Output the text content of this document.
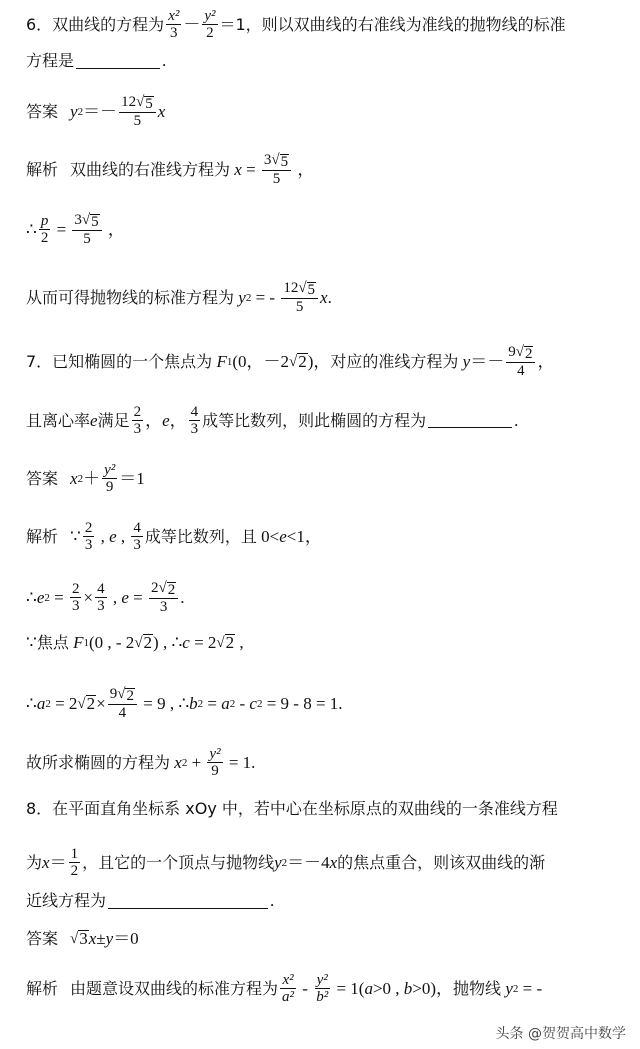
6．双曲线的方程为 $\frac{\text{x²}}{3} - \frac{\text{y²}}{2} =1$，则以双曲线的右准线为准线的抛物线的标准
方程是	.
答案 y $2 =- \frac{12 √ 5}{5}$ x
解析 双曲线的右准线方程为 $x = \frac{3 √ 5}{5}$ ，
∴ $\frac{p}{2} = \frac{3 √ 5}{5}$ ，
从而可得抛物线的标准方程为 y 2 = - $\frac{12 √ 5}{5}$ x .
7．已知椭圆的一个焦点为 F 1 (0，－2 √ 2 )， 对应的准线方程为 $y =- \frac{9 √ 2}{4}$ ，
且离心率 e 满足 $\frac{2}{3}$ ， e ， $\frac{4}{3}$ 成等比数列，则此椭圆的方程为	.
答案 x $2 + \frac{\text{y²}}{9} =1$
解析 ∵ $\frac{2}{3}$ , e , $\frac{4}{3}$ 成等比数列，且 0< e <1，
∴ e $2 = \frac{2}{3} \times \frac{4}{3}$ , $e = \frac{2 √ 2}{3}$ .
∵ 焦点 F 1 (0 , - 2 √ 2 ) , ∴ c = 2 √ 2 ,
∴ a 2 = 2 √ $2 \times \frac{9 √ 2}{4} = 9$ , ∴ b 2 = a 2 - c 2 = 9 - 8 = 1.
故所求椭圆的方程为 x $2 + \frac{\text{y²}}{9} = 1$.
8．在平面直角坐标系 xOy 中，若中心在坐标原点的双曲线的一条准线方程
为 $x = \frac{1}{2}$ ，且它的一个顶点与抛物线 y 2 ＝－4 x 的焦点重合，则该双曲线的渐
近线方程为	.
答案 √ 3 x ± y ＝0
解析 由题意设双曲线的标准方程为 $\frac{\text{x²}}{\text{a²}} - \frac{\text{y²}}{\text{b²}} = 1$( a >0 , b >0)， 抛物线 y 2 = -
头条 @贺贺高中数学
